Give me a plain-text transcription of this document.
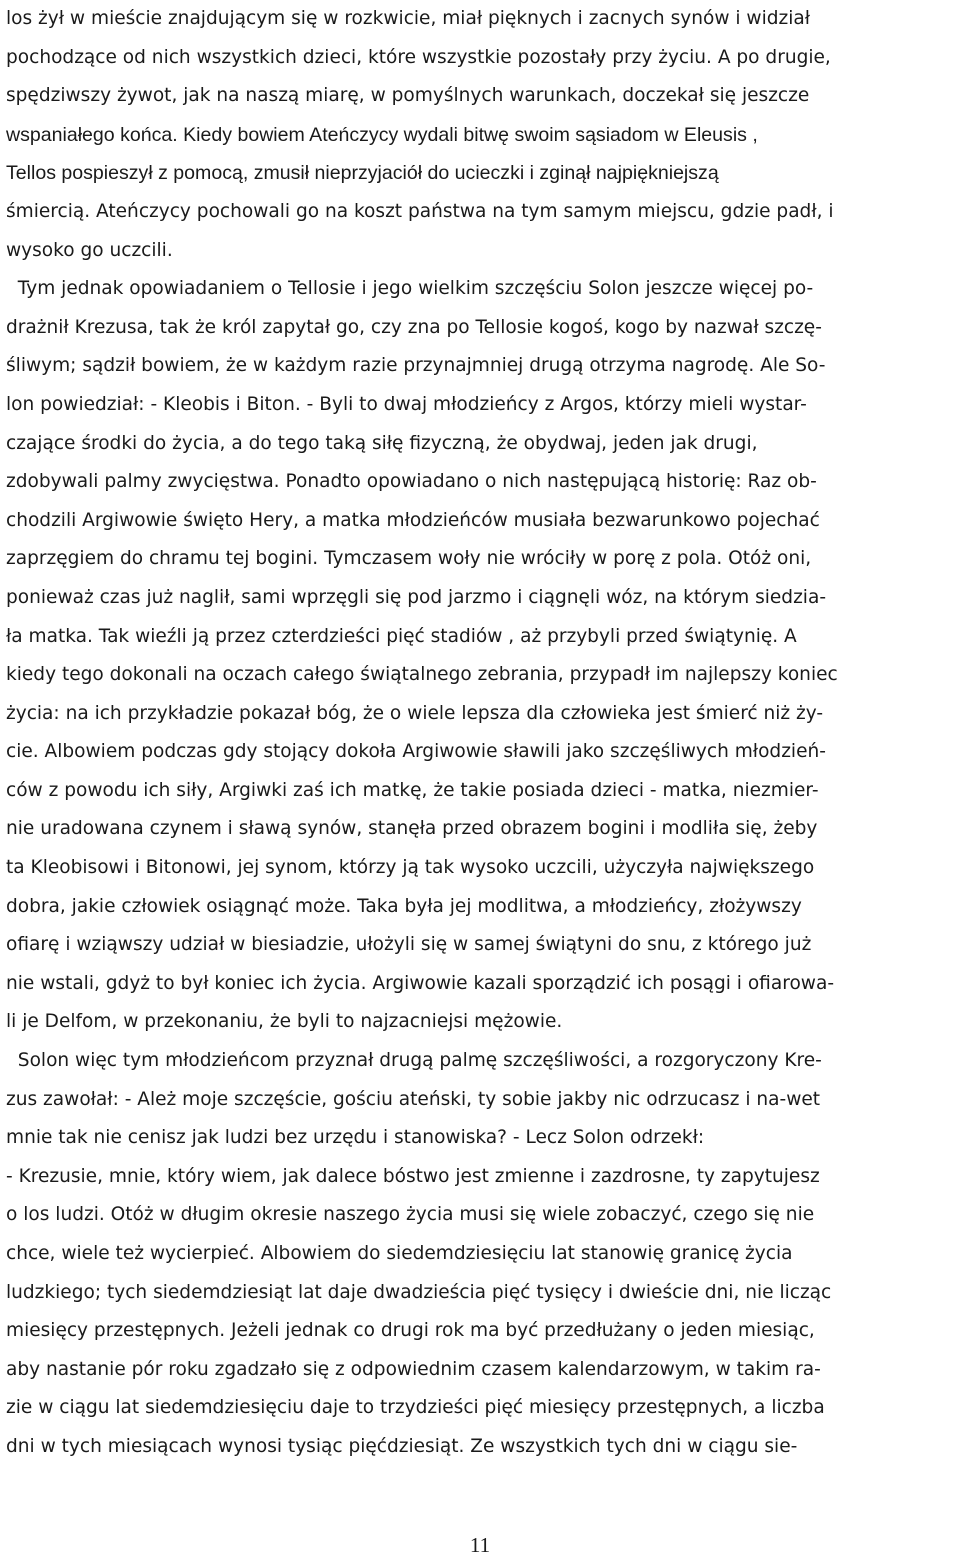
los żył w mieście znajdującym się w rozkwicie, miał pięknych i zacnych synów i widział
pochodzące od nich wszystkich dzieci, które wszystkie pozostały przy życiu. A po drugie,
spędziwszy żywot, jak na naszą miarę, w pomyślnych warunkach, doczekał się jeszcze
wspaniałego końca. Kiedy bowiem Ateńczycy wydali bitwę swoim sąsiadom w Eleusis ,
Tellos pospieszył z pomocą, zmusił nieprzyjaciół do ucieczki i zginął najpiękniejszą
śmiercią. Ateńczycy pochowali go na koszt państwa na tym samym miejscu, gdzie padł, i
wysoko go uczcili.
Tym jednak opowiadaniem o Tellosie i jego wielkim szczęściu Solon jeszcze więcej po-
drażnił Krezusa, tak że król zapytał go, czy zna po Tellosie kogoś, kogo by nazwał szczę-
śliwym; sądził bowiem, że w każdym razie przynajmniej drugą otrzyma nagrodę. Ale So-
lon powiedział: - Kleobis i Biton. - Byli to dwaj młodzieńcy z Argos, którzy mieli wystar-
czające środki do życia, a do tego taką siłę fizyczną, że obydwaj, jeden jak drugi,
zdobywali palmy zwycięstwa. Ponadto opowiadano o nich następującą historię: Raz ob-
chodzili Argiwowie święto Hery, a matka młodzieńców musiała bezwarunkowo pojechać
zaprzęgiem do chramu tej bogini. Tymczasem woły nie wróciły w porę z pola. Otóż oni,
ponieważ czas już naglił, sami wprzęgli się pod jarzmo i ciągnęli wóz, na którym siedzia-
ła matka. Tak wieźli ją przez czterdzieści pięć stadiów , aż przybyli przed świątynię. A
kiedy tego dokonali na oczach całego świątalnego zebrania, przypadł im najlepszy koniec
życia: na ich przykładzie pokazał bóg, że o wiele lepsza dla człowieka jest śmierć niż ży-
cie. Albowiem podczas gdy stojący dokoła Argiwowie sławili jako szczęśliwych młodzień-
ców z powodu ich siły, Argiwki zaś ich matkę, że takie posiada dzieci - matka, niezmier-
nie uradowana czynem i sławą synów, stanęła przed obrazem bogini i modliła się, żeby
ta Kleobisowi i Bitonowi, jej synom, którzy ją tak wysoko uczcili, użyczyła największego
dobra, jakie człowiek osiągnąć może. Taka była jej modlitwa, a młodzieńcy, złożywszy
ofiarę i wziąwszy udział w biesiadzie, ułożyli się w samej świątyni do snu, z którego już
nie wstali, gdyż to był koniec ich życia. Argiwowie kazali sporządzić ich posągi i ofiarowa-
li je Delfom, w przekonaniu, że byli to najzacniejsi mężowie.
Solon więc tym młodzieńcom przyznał drugą palmę szczęśliwości, a rozgoryczony Kre-
zus zawołał: - Ależ moje szczęście, gościu ateński, ty sobie jakby nic odrzucasz i na-wet
mnie tak nie cenisz jak ludzi bez urzędu i stanowiska? - Lecz Solon odrzekł:
- Krezusie, mnie, który wiem, jak dalece bóstwo jest zmienne i zazdrosne, ty zapytujesz
o los ludzi. Otóż w długim okresie naszego życia musi się wiele zobaczyć, czego się nie
chce, wiele też wycierpieć. Albowiem do siedemdziesięciu lat stanowię granicę życia
ludzkiego; tych siedemdziesiąt lat daje dwadzieścia pięć tysięcy i dwieście dni, nie licząc
miesięcy przestępnych. Jeżeli jednak co drugi rok ma być przedłużany o jeden miesiąc,
aby nastanie pór roku zgadzało się z odpowiednim czasem kalendarzowym, w takim ra-
zie w ciągu lat siedemdziesięciu daje to trzydzieści pięć miesięcy przestępnych, a liczba
dni w tych miesiącach wynosi tysiąc pięćdziesiąt. Ze wszystkich tych dni w ciągu sie-
11
